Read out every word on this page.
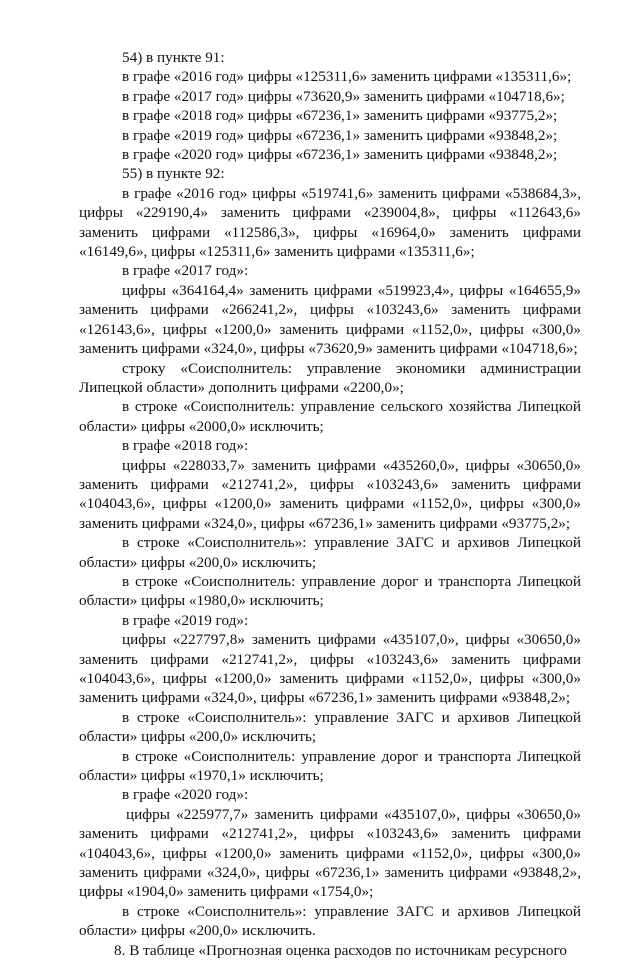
54) в пункте 91:

в графе «2016 год» цифры «125311,6» заменить цифрами «135311,6»;

в графе «2017 год» цифры «73620,9» заменить цифрами «104718,6»;

в графе «2018 год» цифры «67236,1» заменить цифрами «93775,2»;

в графе «2019 год» цифры «67236,1» заменить цифрами «93848,2»;

в графе «2020 год» цифры «67236,1» заменить цифрами «93848,2»;

55) в пункте 92:

в графе «2016 год» цифры «519741,6» заменить цифрами «538684,3», цифры «229190,4» заменить цифрами «239004,8», цифры «112643,6» заменить цифрами «112586,3», цифры «16964,0» заменить цифрами «16149,6», цифры «125311,6» заменить цифрами «135311,6»;

в графе «2017 год»:

цифры «364164,4» заменить цифрами «519923,4», цифры «164655,9» заменить цифрами «266241,2», цифры «103243,6» заменить цифрами «126143,6», цифры «1200,0» заменить цифрами «1152,0», цифры «300,0» заменить цифрами «324,0», цифры «73620,9» заменить цифрами «104718,6»;

строку «Соисполнитель: управление экономики администрации Липецкой области» дополнить цифрами «2200,0»;

в строке «Соисполнитель: управление сельского хозяйства Липецкой области» цифры «2000,0» исключить;

в графе «2018 год»:

цифры «228033,7» заменить цифрами «435260,0», цифры «30650,0» заменить цифрами «212741,2», цифры «103243,6» заменить цифрами «104043,6», цифры «1200,0» заменить цифрами «1152,0», цифры «300,0» заменить цифрами «324,0», цифры «67236,1» заменить цифрами «93775,2»;

в строке «Соисполнитель»: управление ЗАГС и архивов Липецкой области» цифры «200,0» исключить;

в строке «Соисполнитель: управление дорог и транспорта Липецкой области» цифры «1980,0» исключить;

в графе «2019 год»:

цифры «227797,8» заменить цифрами «435107,0», цифры «30650,0» заменить цифрами «212741,2», цифры «103243,6» заменить цифрами «104043,6», цифры «1200,0» заменить цифрами «1152,0», цифры «300,0» заменить цифрами «324,0», цифры «67236,1» заменить цифрами «93848,2»;

в строке «Соисполнитель»: управление ЗАГС и архивов Липецкой области» цифры «200,0» исключить;

в строке «Соисполнитель: управление дорог и транспорта Липецкой области» цифры «1970,1» исключить;

в графе «2020 год»:

цифры «225977,7» заменить цифрами «435107,0», цифры «30650,0» заменить цифрами «212741,2», цифры «103243,6» заменить цифрами «104043,6», цифры «1200,0» заменить цифрами «1152,0», цифры «300,0» заменить цифрами «324,0», цифры «67236,1» заменить цифрами «93848,2», цифры «1904,0» заменить цифрами «1754,0»;

в строке «Соисполнитель»: управление ЗАГС и архивов Липецкой области» цифры «200,0» исключить.

8. В таблице «Прогнозная оценка расходов по источникам ресурсного
